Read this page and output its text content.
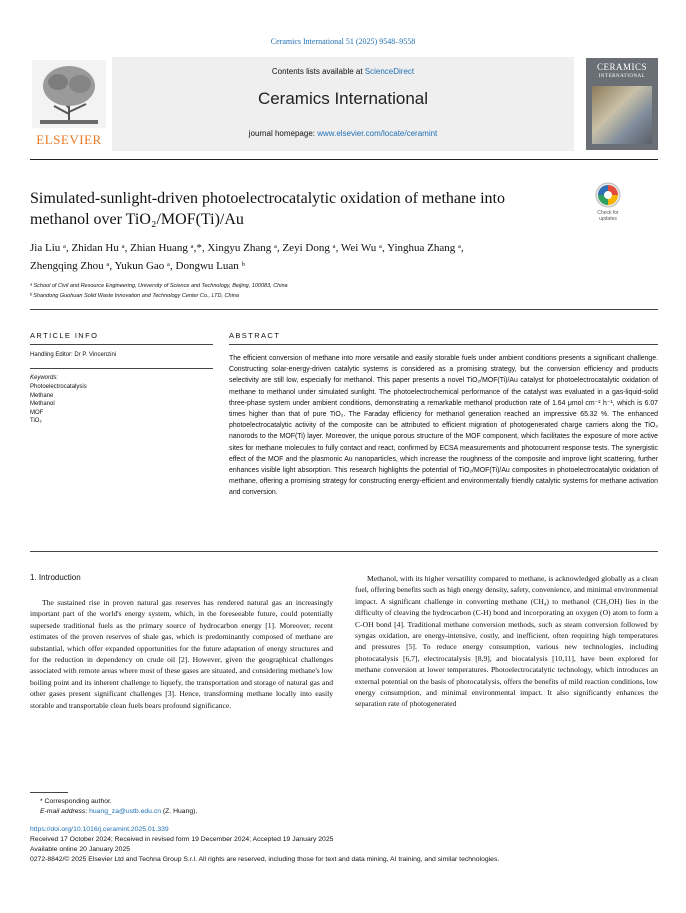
Ceramics International 51 (2025) 9548–9558
ELSEVIER
Contents lists available at ScienceDirect
Ceramics International
journal homepage: www.elsevier.com/locate/ceramint
CERAMICS
INTERNATIONAL
Simulated-sunlight-driven photoelectrocatalytic oxidation of methane into
methanol over TiO₂/MOF(Ti)/Au	Check for updates
Jia Liu ᵃ, Zhidan Hu ᵃ, Zhian Huang ᵃ,*, Xingyu Zhang ᵃ, Zeyi Dong ᵃ, Wei Wu ᵃ, Yinghua Zhang ᵃ,
Zhengqing Zhou ᵃ, Yukun Gao ᵃ, Dongwu Luan ᵇ
ᵃ School of Civil and Resource Engineering, University of Science and Technology, Beijing, 100083, China
ᵇ Shandong Guohuan Solid Waste Innovation and Technology Center Co., LTD, China
ARTICLE INFO
Handling Editor: Dr P. Vincenzini
Keywords:
Photoelectrocatalysis
Methane
Methanol
MOF
TiO₂
ABSTRACT
The efficient conversion of methane into more versatile and easily storable fuels under ambient conditions presents a significant challenge. Constructing solar-energy-driven catalytic systems is considered as a promising strategy, but the conversion efficiency and products selectivity are still low, especially for methanol. This paper presents a novel TiO₂/MOF(Ti)/Au catalyst for photoelectrocatalytic oxidation of methane to methanol under simulated sunlight. The photoelectrochemical performance of the catalyst was evaluated in a gas-liquid-solid three-phase system under ambient conditions, demonstrating a remarkable methanol production rate of 1.64 μmol cm⁻² h⁻¹, which is 6.07 times higher than that of pure TiO₂. The Faraday efficiency for methanol generation reached an impressive 65.32 %. The enhanced photoelectrocatalytic activity of the composite can be attributed to efficient migration of photogenerated charge carriers along the TiO₂ nanorods to the MOF(Ti) layer. Moreover, the unique porous structure of the MOF component, which facilitates the exposure of more active sites for methane molecules to fully contact and react, confirmed by ECSA measurements and photocurrent response tests. The synergistic effect of the MOF and the plasmonic Au nanoparticles, which increase the roughness of the composite and improve light scattering, further enhances visible light absorption. This research highlights the potential of TiO₂/MOF(Ti)/Au composites in photoelectrocatalytic oxidation of methane, offering a promising strategy for constructing energy-efficient and environmentally friendly catalytic systems for methane activation and conversion.
1. Introduction
The sustained rise in proven natural gas reserves has rendered natural gas an increasingly important part of the world's energy system, which, in the foreseeable future, could potentially supersede traditional fuels as the primary source of hydrocarbon energy [1]. Moreover, recent estimates of the proven reserves of shale gas, which is predominantly composed of methane are substantial, which offer expanded opportunities for the future adaptation of energy structures and for the reduction in dependency on crude oil [2]. However, given the geographical challenges associated with remote areas where most of these gases are situated, and considering methane's low boiling point and its inherent challenge to liquefy, the transportation and storage of natural gas and other gases present significant challenges [3]. Hence, transforming methane locally into easily storable and transportable clean fuels bears profound significance.
Methanol, with its higher versatility compared to methane, is acknowledged globally as a clean fuel, offering benefits such as high energy density, safety, convenience, and minimal environmental impact. A significant challenge in converting methane (CH₄) to methanol (CH₃OH) lies in the difficulty of cleaving the hydrocarbon (C-H) bond and incorporating an oxygen (O) atom to form a C-OH bond [4]. Traditional methane conversion methods, such as steam conversion followed by syngas oxidation, are energy-intensive, costly, and inefficient, often requiring high temperatures and pressures [5]. To reduce energy consumption, various new technologies, including photocatalysis [6,7], electrocatalysis [8,9], and biocatalysis [10,11], have been explored for methane conversion at lower temperatures. Photoelectrocatalytic technology, which introduces an external potential on the basis of photocatalysis, offers the benefits of mild reaction conditions, low energy consumption, and minimal environmental impact. It also significantly enhances the separation rate of photogenerated
* Corresponding author.
E-mail address: huang_za@ustb.edu.cn (Z. Huang).
https://doi.org/10.1016/j.ceramint.2025.01.339
Received 17 October 2024; Received in revised form 19 December 2024; Accepted 19 January 2025
Available online 20 January 2025
0272-8842/© 2025 Elsevier Ltd and Techna Group S.r.l. All rights are reserved, including those for text and data mining, AI training, and similar technologies.
